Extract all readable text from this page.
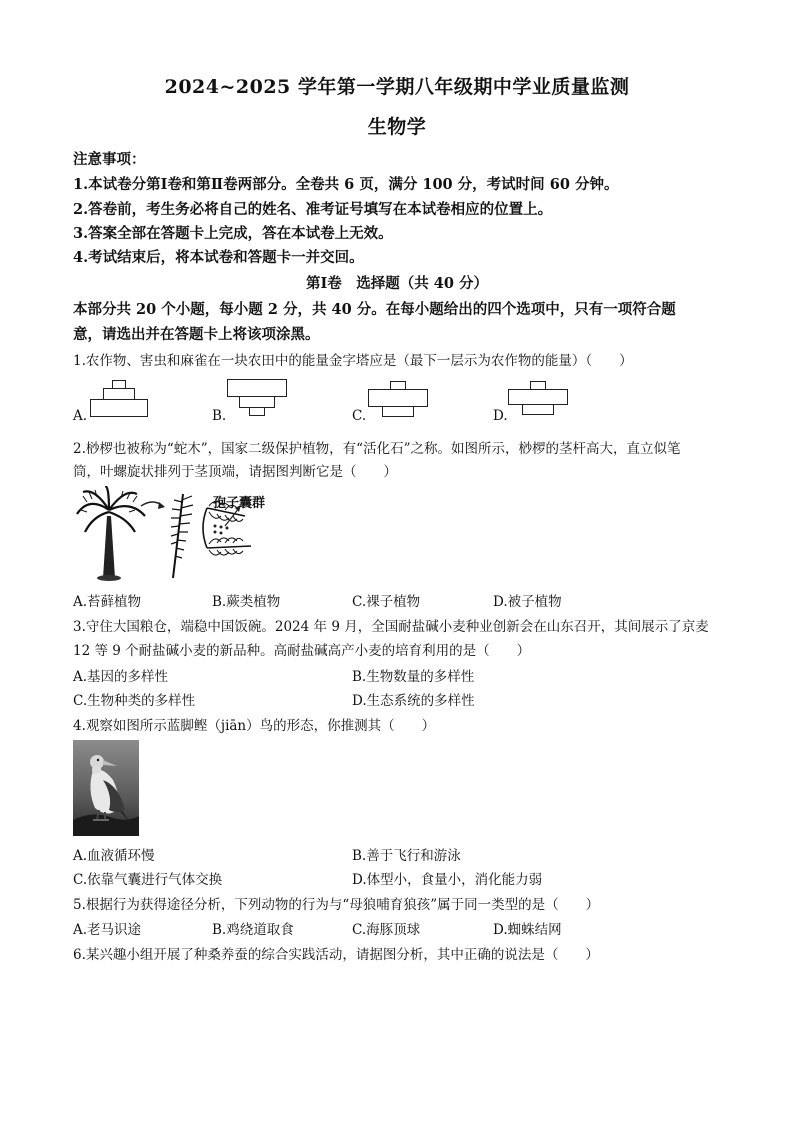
2024~2025 学年第一学期八年级期中学业质量监测
生物学
注意事项：
1.本试卷分第Ⅰ卷和第Ⅱ卷两部分。全卷共 6 页，满分 100 分，考试时间 60 分钟。
2.答卷前，考生务必将自己的姓名、准考证号填写在本试卷相应的位置上。
3.答案全部在答题卡上完成，答在本试卷上无效。
4.考试结束后，将本试卷和答题卡一并交回。
第Ⅰ卷　选择题（共 40 分）
本部分共 20 个小题，每小题 2 分，共 40 分。在每小题给出的四个选项中，只有一项符合题
意，请选出并在答题卡上将该项涂黑。
1.农作物、害虫和麻雀在一块农田中的能量金字塔应是（最下一层示为农作物的能量）（　　）
A.	B.	C.	D.
2.桫椤也被称为“蛇木”，国家二级保护植物，有“活化石”之称。如图所示，桫椤的茎杆高大，直立似笔
筒，叶螺旋状排列于茎顶端，请据图判断它是（　　）
孢子囊群
A.苔藓植物	B.蕨类植物	C.裸子植物	D.被子植物
3.守住大国粮仓，端稳中国饭碗。2024 年 9 月，全国耐盐碱小麦种业创新会在山东召开，其间展示了京麦
12 等 9 个耐盐碱小麦的新品种。高耐盐碱高产小麦的培育利用的是（　　）
A.基因的多样性	B.生物数量的多样性
C.生物种类的多样性	D.生态系统的多样性
4.观察如图所示蓝脚鲣（jiān）鸟的形态，你推测其（　　）
A.血液循环慢	B.善于飞行和游泳
C.依靠气囊进行气体交换	D.体型小，食量小，消化能力弱
5.根据行为获得途径分析，下列动物的行为与“母狼哺育狼孩”属于同一类型的是（　　）
A.老马识途	B.鸡绕道取食	C.海豚顶球	D.蜘蛛结网
6.某兴趣小组开展了种桑养蚕的综合实践活动，请据图分析，其中正确的说法是（　　）
